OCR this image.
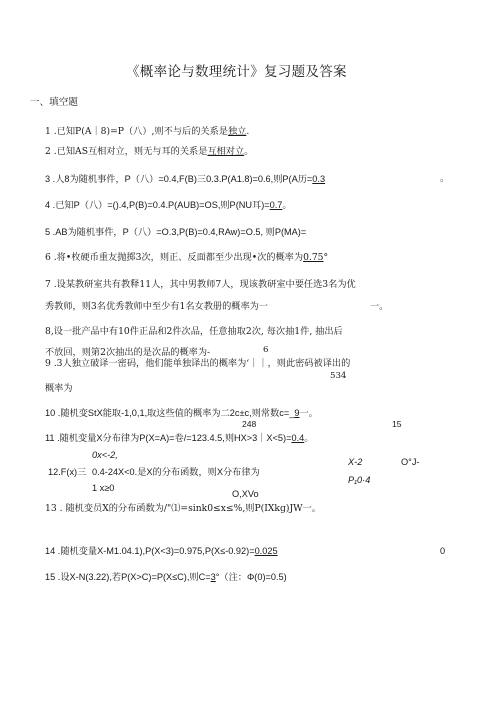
《概率论与数理统计》复习题及答案
一、填空题
1 .已知P(A｜8)=P（八）,则不与后的关系是独立.
2 .已知AS互相对立，则无与耳的关系是互相对立。
3 .人8为随机事件，P（八）=0.4,F(B)三0.3.P(A1.8)=0.6,则P(A历=0.3	。
4 .已知P（八）=().4,P(B)=0.4.P(AUB)=OS,则P(NU耳)=0.7。
5 .AB为随机事件，P（八）=O.3,P(B)=0.4,RAw)=O.5, 则P(MA)=
6 .将•枚硬币重友抛掷3次，则正、反面都至少出现•次的概率为0.75°
7 .设某教研室共有教释11人，其中男教师7人，现该教研室中要任选3名为优
秀教师，则3名优秀教师中至少有1名女教册的概率为一	一。
8,设一批产品中有10件正品和2件次品，任意抽取2次, 每次抽1件, 抽出后
不放回，则第2次抽出的是次品的概率为-	6
9 .3人独立破译一密码，他们能单独译出的概率为‘｜｜，则此密码被译出的
534
概率为
10 .随机变StX能取-1,0,1,取这些值的概率为二2c±c,则常数c=_9一。
248	15
11 .随机变量X分布律为P(X=A)=卷/=123.4.5,则HX>3｜X<5)=0.4。
0x<-2,
12.F(x)三 0.4-24X<0.是X的分布函数，则X分布律为
1 x≥0
X-2	O°J-
P₁0·4
O,XVo
13 . 随机变员X的分布函数为/"⑴=sink0≤x≤%,则P(IXkg)JW一。
14 .随机变量X-M1.04.1),P(X<3)=0.975,P(X≤-0.92)=0.025	0
15 .设X-N(3.22),若P(X>C)=P(X≤C),则C=3°（注：Φ(0)=0.5)
